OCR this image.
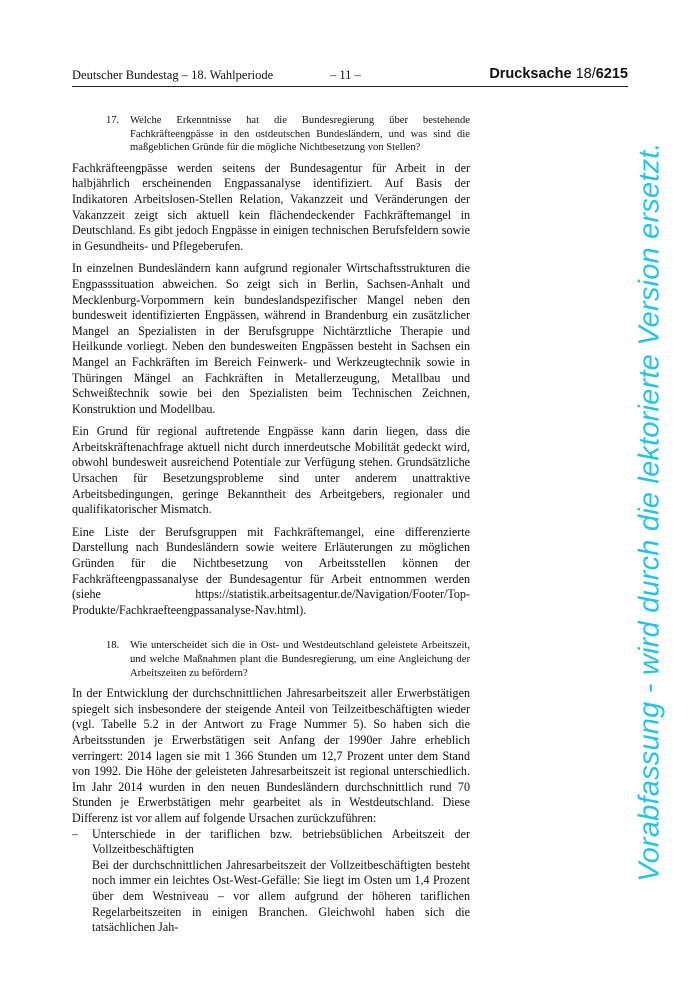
Deutscher Bundestag – 18. Wahlperiode	– 11 –	Drucksache 18/6215
17. Welche Erkenntnisse hat die Bundesregierung über bestehende Fachkräfteengpässe in den ostdeutschen Bundesländern, und was sind die maßgeblichen Gründe für die mögliche Nichtbesetzung von Stellen?

Fachkräfteengpässe werden seitens der Bundesagentur für Arbeit in der halbjährlich erscheinenden Engpassanalyse identifiziert. Auf Basis der Indikatoren Arbeitslosen-Stellen Relation, Vakanzzeit und Veränderungen der Vakanzzeit zeigt sich aktuell kein flächendeckender Fachkräftemangel in Deutschland. Es gibt jedoch Engpässe in einigen technischen Berufsfeldern sowie in Gesundheits- und Pflegeberufen.

In einzelnen Bundesländern kann aufgrund regionaler Wirtschaftsstrukturen die Engpasssituation abweichen. So zeigt sich in Berlin, Sachsen-Anhalt und Mecklenburg-Vorpommern kein bundeslandspezifischer Mangel neben den bundesweit identifizierten Engpässen, während in Brandenburg ein zusätzlicher Mangel an Spezialisten in der Berufsgruppe Nichtärztliche Therapie und Heilkunde vorliegt. Neben den bundesweiten Engpässen besteht in Sachsen ein Mangel an Fachkräften im Bereich Feinwerk- und Werkzeugtechnik sowie in Thüringen Mängel an Fachkräften in Metallerzeugung, Metallbau und Schweißtechnik sowie bei den Spezialisten beim Technischen Zeichnen, Konstruktion und Modellbau.

Ein Grund für regional auftretende Engpässe kann darin liegen, dass die Arbeitskräftenachfrage aktuell nicht durch innerdeutsche Mobilität gedeckt wird, obwohl bundesweit ausreichend Potentiale zur Verfügung stehen. Grundsätzliche Ursachen für Besetzungsprobleme sind unter anderem unattraktive Arbeitsbedingungen, geringe Bekanntheit des Arbeitgebers, regionaler und qualifikatorischer Mismatch.

Eine Liste der Berufsgruppen mit Fachkräftemangel, eine differenzierte Darstellung nach Bundesländern sowie weitere Erläuterungen zu möglichen Gründen für die Nichtbesetzung von Arbeitsstellen können der Fachkräfteengpassanalyse der Bundesagentur für Arbeit entnommen werden (siehe https://statistik.arbeitsagentur.de/Navigation/Footer/Top-Produkte/Fachkraefteengpassanalyse-Nav.html).

18. Wie unterscheidet sich die in Ost- und Westdeutschland geleistete Arbeitszeit, und welche Maßnahmen plant die Bundesregierung, um eine Angleichung der Arbeitszeiten zu befördern?

In der Entwicklung der durchschnittlichen Jahresarbeitszeit aller Erwerbstätigen spiegelt sich insbesondere der steigende Anteil von Teilzeitbeschäftigten wieder (vgl. Tabelle 5.2 in der Antwort zu Frage Nummer 5). So haben sich die Arbeitsstunden je Erwerbstätigen seit Anfang der 1990er Jahre erheblich verringert: 2014 lagen sie mit 1 366 Stunden um 12,7 Prozent unter dem Stand von 1992. Die Höhe der geleisteten Jahresarbeitszeit ist regional unterschiedlich. Im Jahr 2014 wurden in den neuen Bundesländern durchschnittlich rund 70 Stunden je Erwerbstätigen mehr gearbeitet als in Westdeutschland. Diese Differenz ist vor allem auf folgende Ursachen zurückzuführen:

– Unterschiede in der tariflichen bzw. betriebsüblichen Arbeitszeit der Vollzeitbeschäftigten
Bei der durchschnittlichen Jahresarbeitszeit der Vollzeitbeschäftigten besteht noch immer ein leichtes Ost-West-Gefälle: Sie liegt im Osten um 1,4 Prozent über dem Westniveau – vor allem aufgrund der höheren tariflichen Regelarbeitszeiten in einigen Branchen. Gleichwohl haben sich die tatsächlichen Jah-
Vorabfassung - wird durch die lektorierte Version ersetzt.
